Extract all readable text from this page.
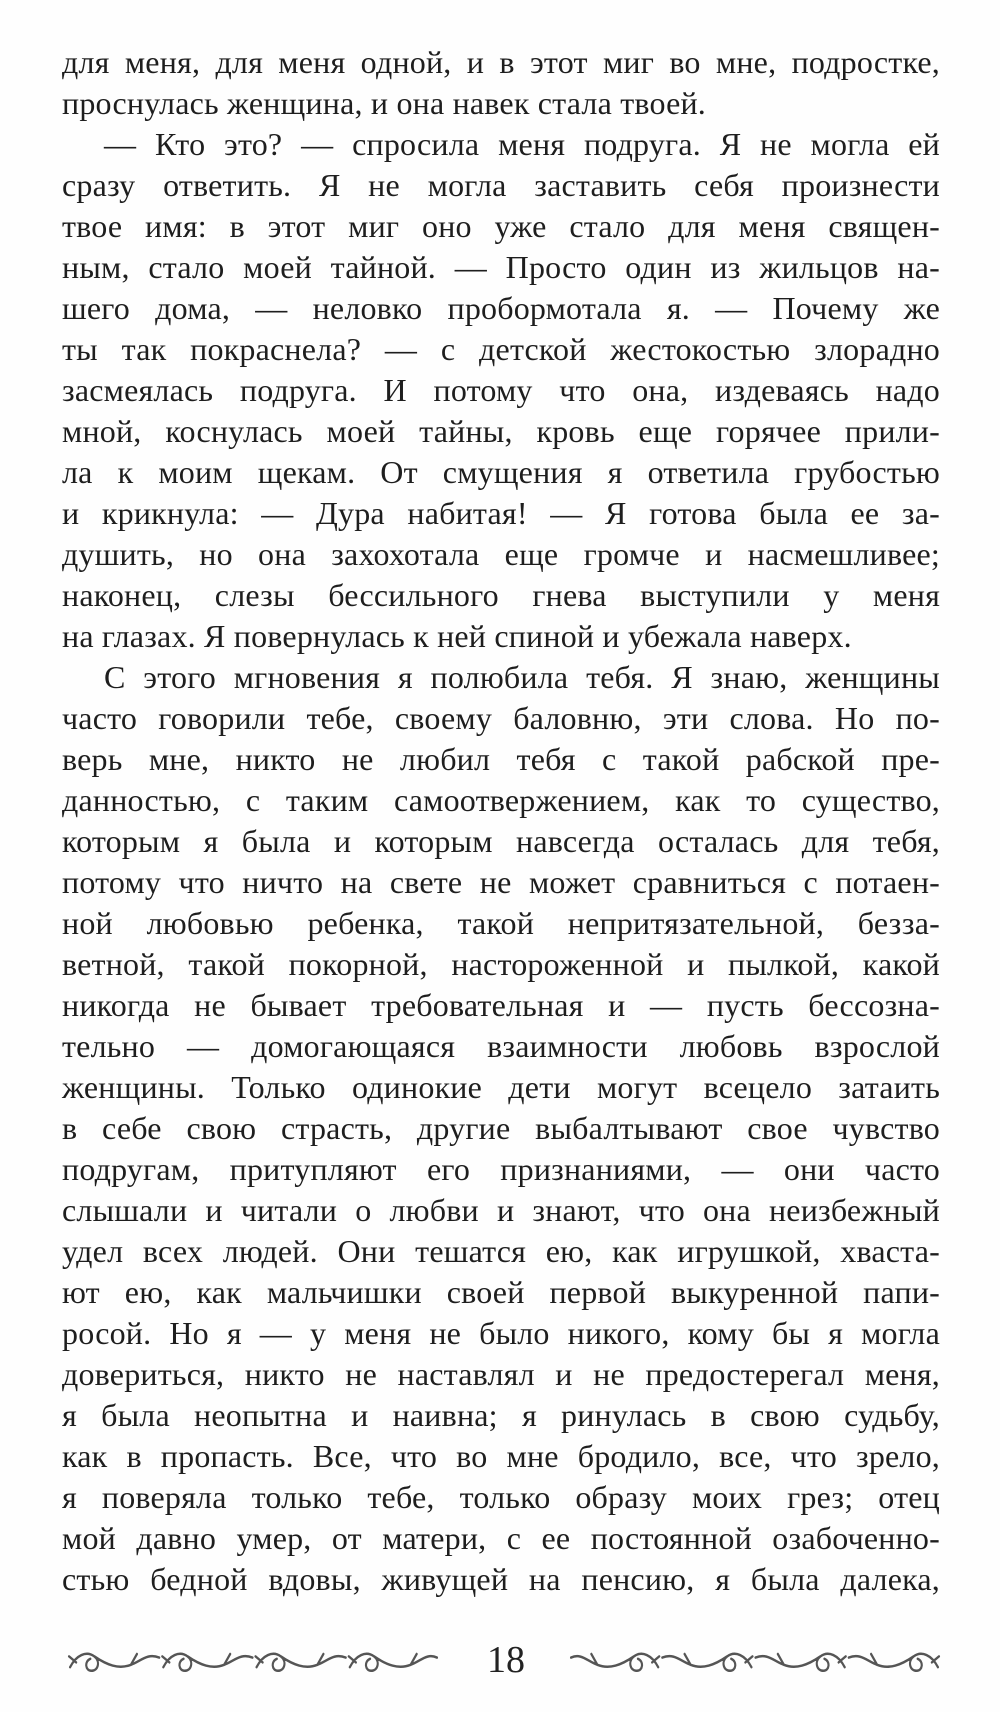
для меня, для меня одной, и в этот миг во мне, подростке,
проснулась женщина, и она навек стала твоей.
— Кто это? — спросила меня подруга. Я не могла ей
сразу ответить. Я не могла заставить себя произнести
твое имя: в этот миг оно уже стало для меня священ-
ным, стало моей тайной. — Просто один из жильцов на-
шего дома, — неловко пробормотала я. — Почему же
ты так покраснела? — с детской жестокостью злорадно
засмеялась подруга. И потому что она, издеваясь надо
мной, коснулась моей тайны, кровь еще горячее прили-
ла к моим щекам. От смущения я ответила грубостью
и крикнула: — Дура набитая! — Я готова была ее за-
душить, но она захохотала еще громче и насмешливее;
наконец, слезы бессильного гнева выступили у меня
на глазах. Я повернулась к ней спиной и убежала наверх.
С этого мгновения я полюбила тебя. Я знаю, женщины
часто говорили тебе, своему баловню, эти слова. Но по-
верь мне, никто не любил тебя с такой рабской пре-
данностью, с таким самоотвержением, как то существо,
которым я была и которым навсегда осталась для тебя,
потому что ничто на свете не может сравниться с потаен-
ной любовью ребенка, такой непритязательной, безза-
ветной, такой покорной, настороженной и пылкой, какой
никогда не бывает требовательная и — пусть бессозна-
тельно — домогающаяся взаимности любовь взрослой
женщины. Только одинокие дети могут всецело затаить
в себе свою страсть, другие выбалтывают свое чувство
подругам, притупляют его признаниями, — они часто
слышали и читали о любви и знают, что она неизбежный
удел всех людей. Они тешатся ею, как игрушкой, хваста-
ют ею, как мальчишки своей первой выкуренной папи-
росой. Но я — у меня не было никого, кому бы я могла
довериться, никто не наставлял и не предостерегал меня,
я была неопытна и наивна; я ринулась в свою судьбу,
как в пропасть. Все, что во мне бродило, все, что зрело,
я поверяла только тебе, только образу моих грез; отец
мой давно умер, от матери, с ее постоянной озабоченно-
стью бедной вдовы, живущей на пенсию, я была далека,
18
